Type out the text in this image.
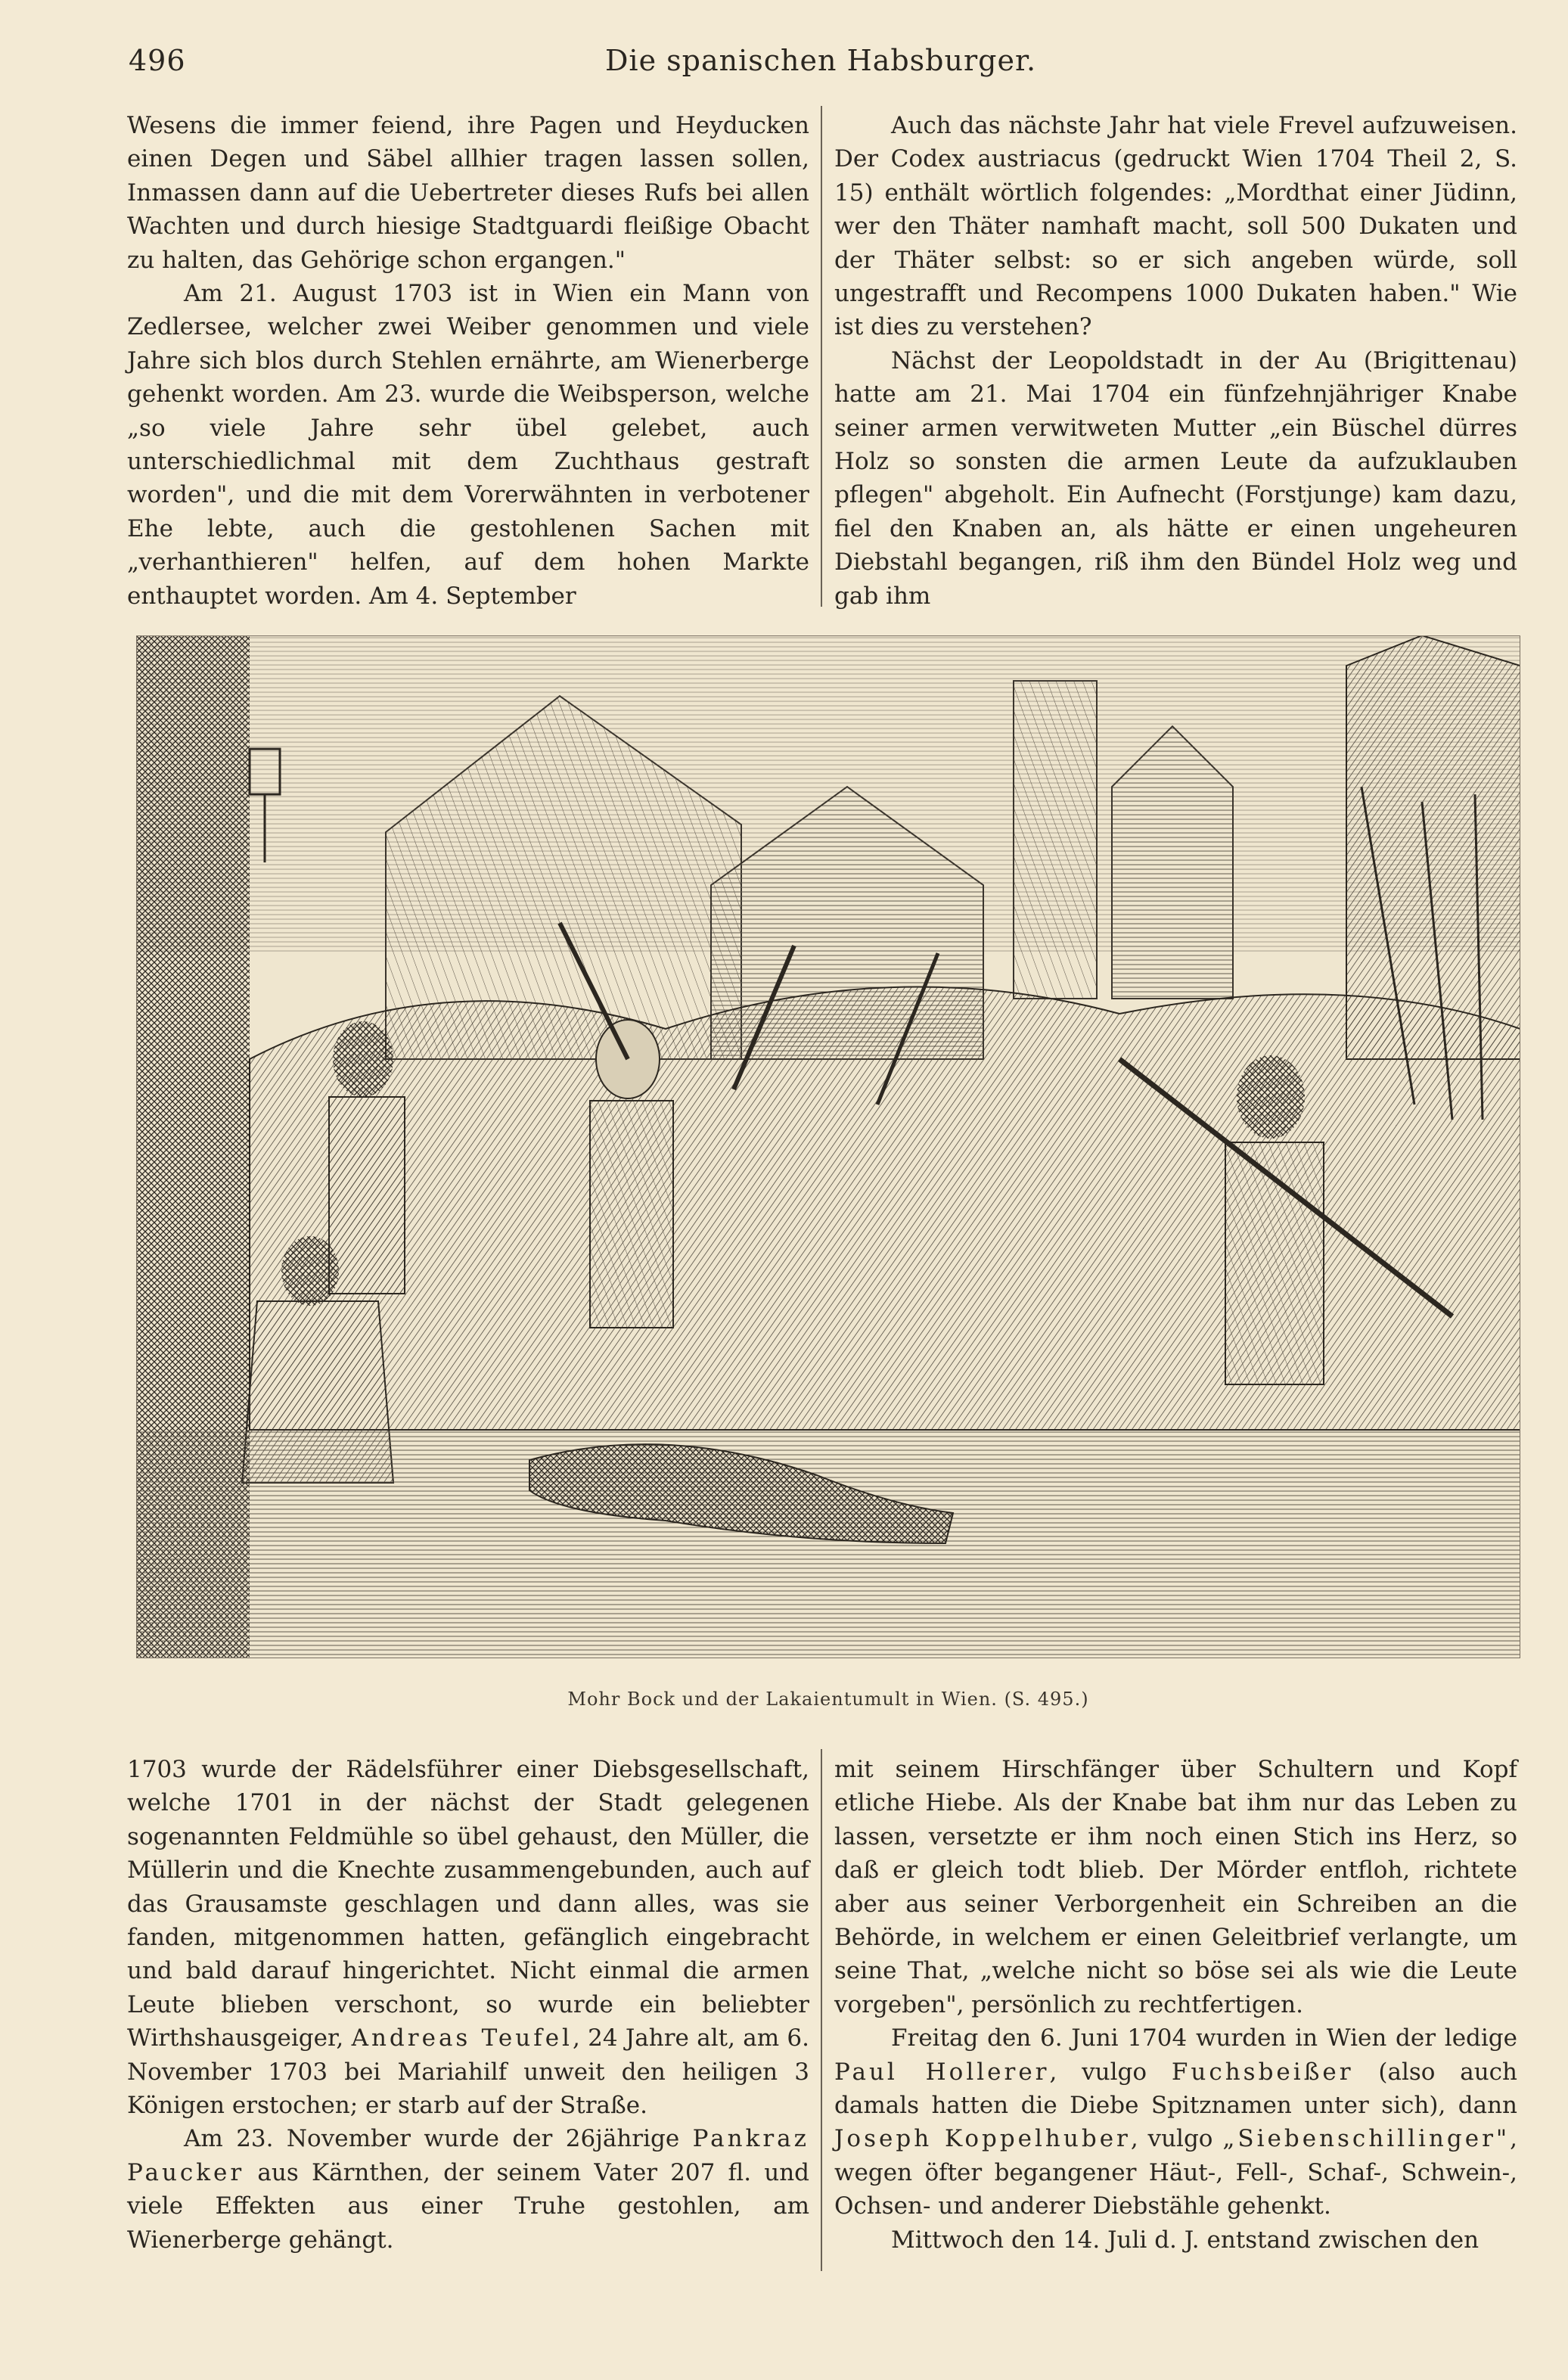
496	Die spanischen Habsburger.

Wesens die immer feiend, ihre Pagen und Heyducken einen Degen und Säbel allhier tragen lassen sollen, Inmassen dann auf die Uebertreter dieses Rufs bei allen Wachten und durch hiesige Stadtguardi fleißige Obacht zu halten, das Gehörige schon ergangen."

Am 21. August 1703 ist in Wien ein Mann von Zedlersee, welcher zwei Weiber genommen und viele Jahre sich blos durch Stehlen ernährte, am Wienerberge gehenkt worden. Am 23. wurde die Weibsperson, welche „so viele Jahre sehr übel gelebet, auch unterschiedlichmal mit dem Zuchthaus gestraft worden", und die mit dem Vorerwähnten in verbotener Ehe lebte, auch die gestohlenen Sachen mit „verhanthieren" helfen, auf dem hohen Markte enthauptet worden. Am 4. September

Auch das nächste Jahr hat viele Frevel aufzuweisen. Der Codex austriacus (gedruckt Wien 1704 Theil 2, S. 15) enthält wörtlich folgendes: „Mordthat einer Jüdinn, wer den Thäter namhaft macht, soll 500 Dukaten und der Thäter selbst: so er sich angeben würde, soll ungestrafft und Recompens 1000 Dukaten haben." Wie ist dies zu verstehen?

Nächst der Leopoldstadt in der Au (Brigittenau) hatte am 21. Mai 1704 ein fünfzehnjähriger Knabe seiner armen verwitweten Mutter „ein Büschel dürres Holz so sonsten die armen Leute da aufzuklauben pflegen" abgeholt. Ein Aufnecht (Forstjunge) kam dazu, fiel den Knaben an, als hätte er einen ungeheuren Diebstahl begangen, riß ihm den Bündel Holz weg und gab ihm

Mohr Bock und der Lakaientumult in Wien. (S. 495.)

1703 wurde der Rädelsführer einer Diebsgesellschaft, welche 1701 in der nächst der Stadt gelegenen sogenannten Feldmühle so übel gehaust, den Müller, die Müllerin und die Knechte zusammengebunden, auch auf das Grausamste geschlagen und dann alles, was sie fanden, mitgenommen hatten, gefänglich eingebracht und bald darauf hingerichtet. Nicht einmal die armen Leute blieben verschont, so wurde ein beliebter Wirthshausgeiger, Andreas Teufel, 24 Jahre alt, am 6. November 1703 bei Mariahilf unweit den heiligen 3 Königen erstochen; er starb auf der Straße.

Am 23. November wurde der 26jährige Pankraz Paucker aus Kärnthen, der seinem Vater 207 fl. und viele Effekten aus einer Truhe gestohlen, am Wienerberge gehängt.

mit seinem Hirschfänger über Schultern und Kopf etliche Hiebe. Als der Knabe bat ihm nur das Leben zu lassen, versetzte er ihm noch einen Stich ins Herz, so daß er gleich todt blieb. Der Mörder entfloh, richtete aber aus seiner Verborgenheit ein Schreiben an die Behörde, in welchem er einen Geleitbrief verlangte, um seine That, „welche nicht so böse sei als wie die Leute vorgeben", persönlich zu rechtfertigen.

Freitag den 6. Juni 1704 wurden in Wien der ledige Paul Hollerer, vulgo Fuchsbeißer (also auch damals hatten die Diebe Spitznamen unter sich), dann Joseph Koppelhuber, vulgo „Siebenschillinger", wegen öfter begangener Häut-, Fell-, Schaf-, Schwein-, Ochsen- und anderer Diebstähle gehenkt.

Mittwoch den 14. Juli d. J. entstand zwischen den
